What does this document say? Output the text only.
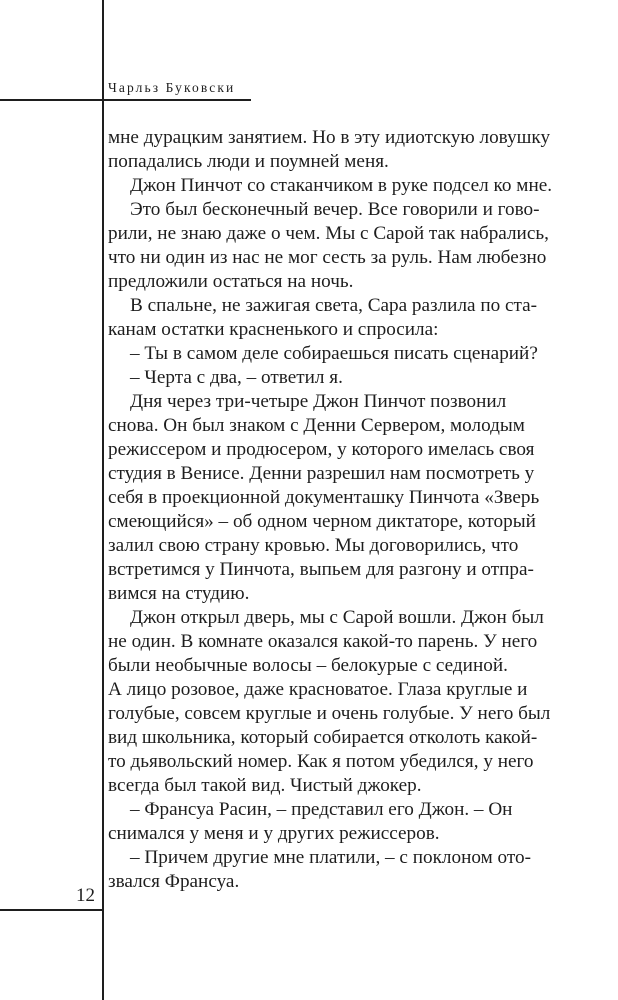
Чарльз Буковски
мне дурацким занятием. Но в эту идиотскую ловушку
попадались люди и поумней меня.
Джон Пинчот со стаканчиком в руке подсел ко мне.
Это был бесконечный вечер. Все говорили и гово-
рили, не знаю даже о чем. Мы с Сарой так набрались,
что ни один из нас не мог сесть за руль. Нам любезно
предложили остаться на ночь.
В спальне, не зажигая света, Сара разлила по ста-
канам остатки красненького и спросила:
– Ты в самом деле собираешься писать сценарий?
– Черта с два, – ответил я.
Дня через три-четыре Джон Пинчот позвонил
снова. Он был знаком с Денни Сервером, молодым
режиссером и продюсером, у которого имелась своя
студия в Венисе. Денни разрешил нам посмотреть у
себя в проекционной документашку Пинчота «Зверь
смеющийся» – об одном черном диктаторе, который
залил свою страну кровью. Мы договорились, что
встретимся у Пинчота, выпьем для разгону и отпра-
вимся на студию.
Джон открыл дверь, мы с Сарой вошли. Джон был
не один. В комнате оказался какой-то парень. У него
были необычные волосы – белокурые с сединой.
А лицо розовое, даже красноватое. Глаза круглые и
голубые, совсем круглые и очень голубые. У него был
вид школьника, который собирается отколоть какой-
то дьявольский номер. Как я потом убедился, у него
всегда был такой вид. Чистый джокер.
– Франсуа Расин, – представил его Джон. – Он
снимался у меня и у других режиссеров.
– Причем другие мне платили, – с поклоном ото-
звался Франсуа.
12
